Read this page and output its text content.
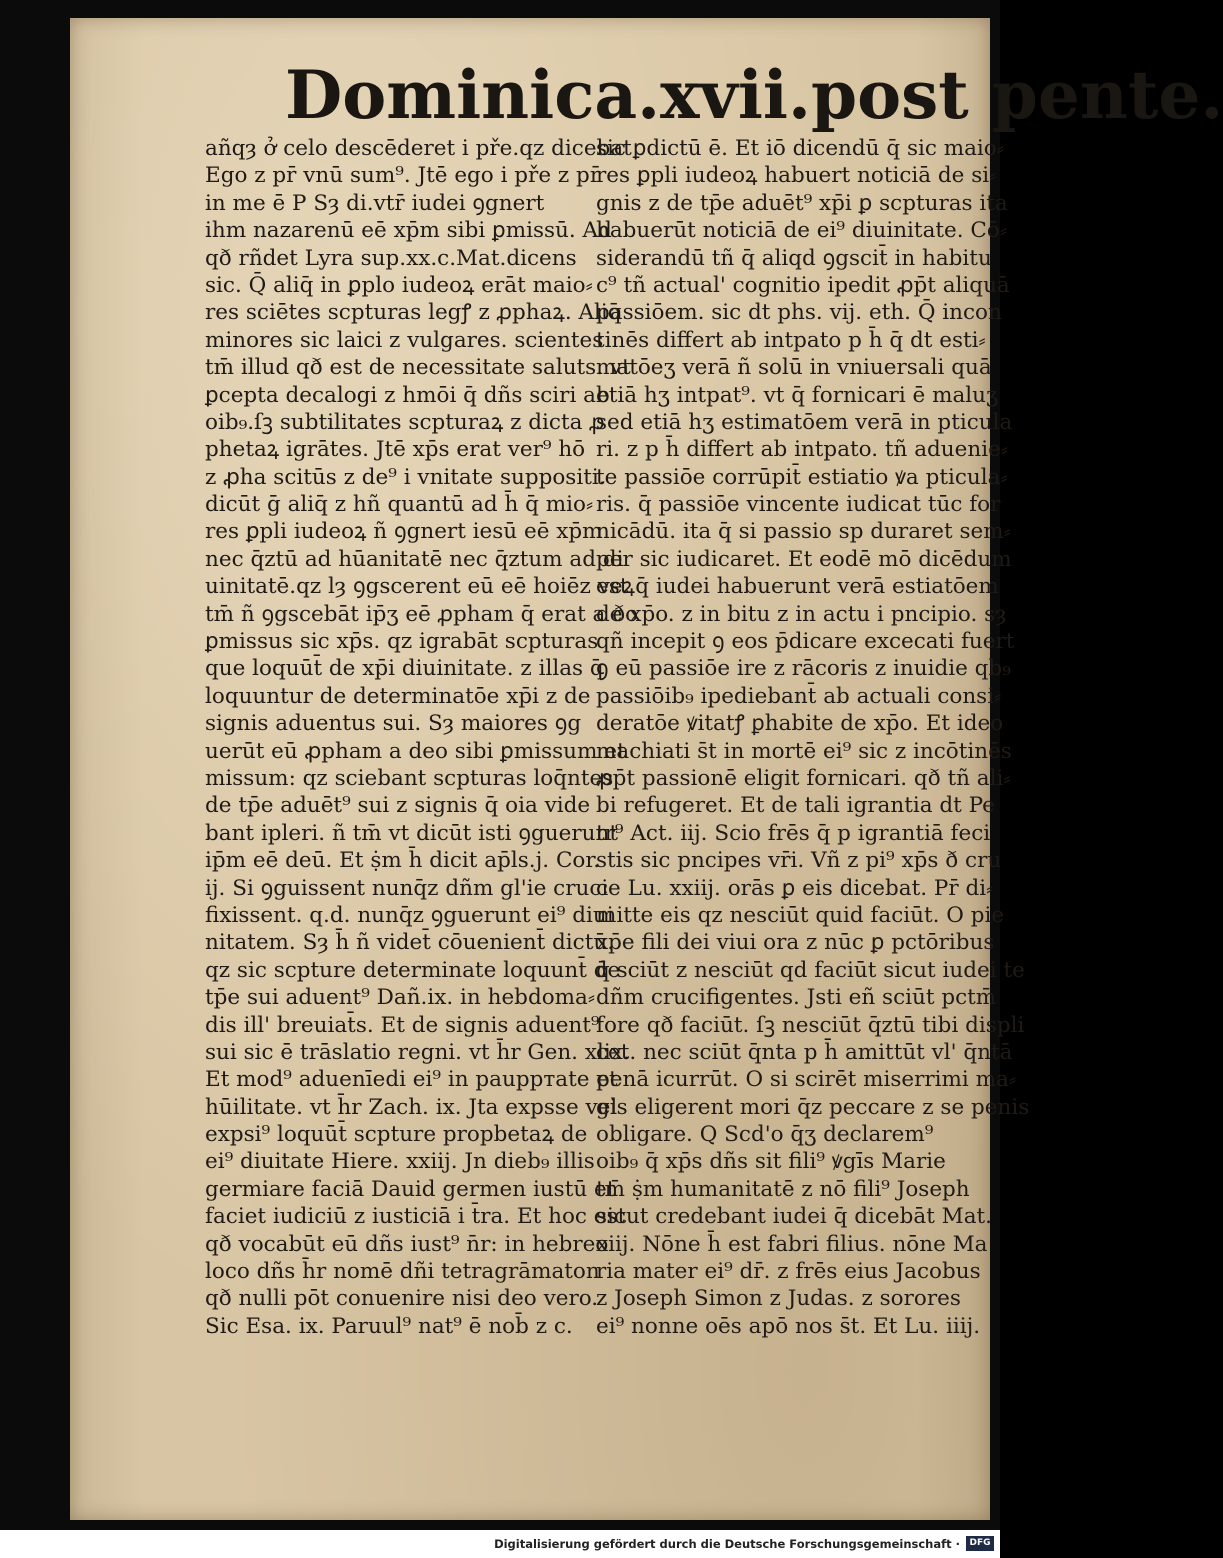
Dominica.xvii.post pente.
añqȝ ở celo descēderet i pře.qz dicebat
Ego z pr̄ vnū sum⁹. Jtē ego i pře z pr̄
in me ē P Sȝ di.vtr̄ iudei ꝯgnert
ihm nazarenū eē xp̄m sibi ꝑmissū. Ad
qð rñdet Lyra sup.xx.c.Mat.dicens
sic. Q̄ aliq̄ in ꝑplo iudeoꝝ erāt maio⸗
res sciētes scpturas legꝭ z ꝓphaꝝ. Aliq̄
minores sic laici z vulgares. scientes
tm̄ illud qð est de necessitate saluts. vt
ꝑcepta decalogi z hmōi q̄ dñs sciri ab
oib₉.ſꝫ subtilitates scpturaꝝ z dicta ꝓ
phetaꝝ igrātes. Jtē xp̄s erat ver⁹ hō
z ꝓha scitūs z de⁹ i vnitate suppositi.
dicūt ḡ aliq̄ z hñ quantū ad h̄ q̄ mio⸗
res ꝑpli iudeoꝝ ñ ꝯgnert iesū eē xp̄m
nec q̄ztū ad hūanitatē nec q̄ztum ad di
uinitatē.qz lȝ ꝯgscerent eū eē hoiēz veꝝ
tm̄ ñ ꝯgscebāt ip̄ʒ eē ꝓpham q̄ erat a ðo
ꝑmissus sic xp̄s. qz igrabāt scpturas
que loquūt̄ de xp̄i diuinitate. z illas q̄
loquuntur de determinatōe xp̄i z de
signis aduentus sui. Sȝ maiores ꝯg
uerūt eū ꝓpham a deo sibi ꝑmissum et
missum: qz sciebant scpturas loq̄ntes
de tp̄e aduēt⁹ sui z signis q̄ oia vide
bant ipleri. ñ tm̄ vt dicūt isti ꝯguerunt
ip̄m eē deū. Et ṩm h̄ dicit ap̄ls.j. Cor.
ij. Si ꝯguissent nunq̄z dñm gl'ie cruci
fixissent. q.d. nunq̄z ꝯguerunt ei⁹ diui
nitatem. Sȝ h̄ ñ videt̄ cōuenient̄ dictū.
qz sic scpture determinate loquunt̄ de
tp̄e sui aduent⁹ Dañ.ix. in hebdoma⸗
dis ill' breuiat̄s. Et de signis aduent⁹
sui sic ē trāslatio regni. vt h̄r Gen. xlix.
Et mod⁹ aduenīedi ei⁹ in paupртate et
hūilitate. vt h̄r Zach. ix. Jta expsse vel
expsi⁹ loquūt̄ scpture propbetaꝝ de
ei⁹ diuitate Hiere. xxiij. Jn dieb₉ illis
germiare faciā Dauid germen iustū et
faciet iudiciū z iusticiā i t̄ra. Et hoc est
qð vocabūt eū dñs iust⁹ n̄r: in hebreo
loco dñs h̄r nomē dñi tetragrāmaton
qð nulli pōt conuenire nisi deo vero.
Sic Esa. ix. Paruul⁹ nat⁹ ē nob̄ z c.
sic ꝑdictū ē. Et iō dicendū q̄ sic maio⸗
res ꝑpli iudeoꝝ habuert noticiā de si⸗
gnis z de tp̄e aduēt⁹ xp̄i ꝑ scpturas ita
habuerūt noticiā de ei⁹ diuinitate. Cō⸗
siderandū tñ q̄ aliqd ꝯgscit̄ in habitu
c⁹ tñ actual' cognitio ipedit ꝓp̄t aliquā
passiōem. sic dt phs. vij. eth. Q̄ incon
tinēs differt ab intpato p h̄ q̄ dt esti⸗
matōeʒ verā ñ solū in vniuersali quā
etiā hʒ intpat⁹. vt q̄ fornicari ē maluʒ
sed etiā hʒ estimatōem verā in pticula
ri. z p h̄ differt ab intpato. tñ aduenie⸗
te passiōe corrūpit̄ estiatio ꝟa pticula⸗
ris. q̄ passiōe vincente iudicat tūc for
nicādū. ita q̄ si passio sp duraret sem⸗
per sic iudicaret. Et eodē mō dicēdum
est q̄ iudei habuerunt verā estiatōem
de xp̄o. z in bitu z in actu i pncipio. sȝ
qñ incepit ꝯ eos p̄dicare excecati fuert
ꝯ eū passiōe ire z rācoris z inuidie qb₉
passiōib₉ ipediebant̄ ab actuali consi⸗
deratōe ꝟitatꝭ ꝑhabite de xp̄o. Et ideo
machiati s̄t in mortē ei⁹ sic z incōtinēs
ꝓp̄t passionē eligit fornicari. qð tñ ali⸗
bi refugeret. Et de tali igrantia dt Pe
tr⁹ Act. iij. Scio frēs q̄ p igrantiā feci
stis sic pncipes vr̄i. Vñ z pi⁹ xp̄s ð cru
ce Lu. xxiij. orās ꝑ eis dicebat. Pr̄ di⸗
mitte eis qz nesciūt quid faciūt. O pie
xp̄e fili dei viui ora z nūc ꝑ pctōribus
q̄ sciūt z nesciūt qd faciūt sicut iudei te
dñm crucifigentes. Jsti eñ sciūt pctm̄
fore qð faciūt. ſꝫ nesciūt q̄ztū tibi displi
cet. nec sciūt q̄nta p h̄ amittūt vl' q̄ntā
penā icurrūt. O si scirēt miserrimi ma⸗
gis eligerent mori q̄z peccare z se penis
obligare. Q Scd'o q̄ʒ declarem⁹
oib₉ q̄ xp̄s dñs sit fili⁹ ꝟgīs Marie
tm̄ ṩm humanitatē z nō fili⁹ Joseph
sicut credebant iudei q̄ dicebāt Mat.
xiij. Nōne h̄ est fabri filius. nōne Ma
ria mater ei⁹ dr̄. z frēs eius Jacobus
z Joseph Simon z Judas. z sorores
ei⁹ nonne oēs apō nos s̄t. Et Lu. iiij.
Digitalisierung gefördert durch die Deutsche Forschungsgemeinschaft ·	DFG
